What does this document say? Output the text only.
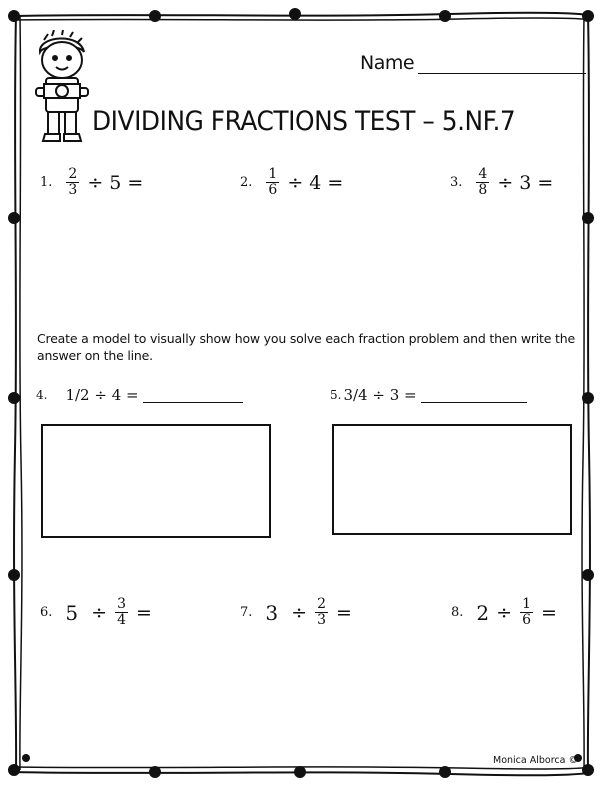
Name
DIVIDING FRACTIONS TEST – 5.NF.7
1. $\frac{2}{3} \div 5$ =	2. $\frac{1}{6} \div 4$ =	3. $\frac{4}{8} \div 3$ =
Create a model to visually show how you solve each fraction problem and then write the answer on the line.
4. 1/2 ÷ 4 =	5. 3/4 ÷ 3 =
6. $5 \div \frac{3}{4}$ =	7. $3 \div \frac{2}{3}$ =	8. $2 \div \frac{1}{6}$ =
Monica Alborca ©
